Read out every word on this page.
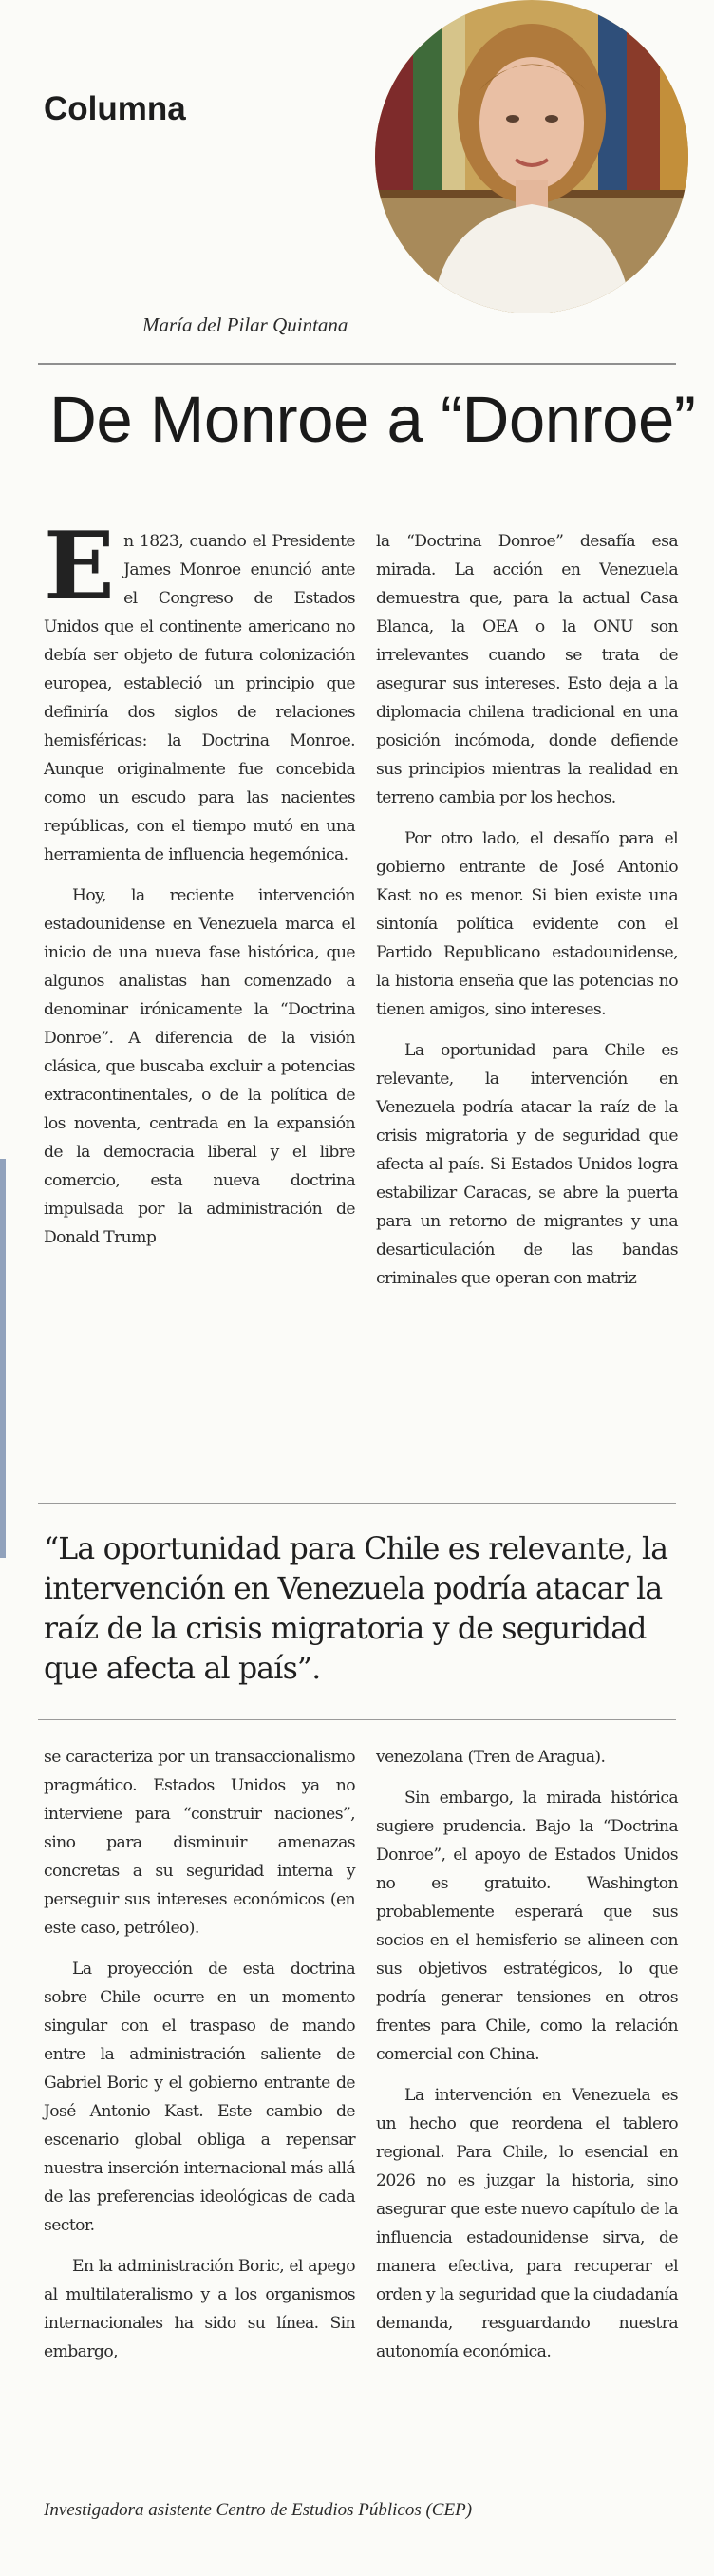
Columna
María del Pilar Quintana
De Monroe a “Donroe”

En 1823, cuando el Presidente James Monroe enunció ante el Congreso de Estados Unidos que el continente americano no debía ser objeto de futura colonización europea, estableció un principio que definiría dos siglos de relaciones hemisféricas: la Doctrina Monroe. Aunque originalmente fue concebida como un escudo para las nacientes repúblicas, con el tiempo mutó en una herramienta de influencia hegemónica.

Hoy, la reciente intervención estadounidense en Venezuela marca el inicio de una nueva fase histórica, que algunos analistas han comenzado a denominar irónicamente la “Doctrina Donroe”. A diferencia de la visión clásica, que buscaba excluir a potencias extracontinentales, o de la política de los noventa, centrada en la expansión de la democracia liberal y el libre comercio, esta nueva doctrina impulsada por la administración de Donald Trump

la “Doctrina Donroe” desafía esa mirada. La acción en Venezuela demuestra que, para la actual Casa Blanca, la OEA o la ONU son irrelevantes cuando se trata de asegurar sus intereses. Esto deja a la diplomacia chilena tradicional en una posición incómoda, donde defiende sus principios mientras la realidad en terreno cambia por los hechos.

Por otro lado, el desafío para el gobierno entrante de José Antonio Kast no es menor. Si bien existe una sintonía política evidente con el Partido Republicano estadounidense, la historia enseña que las potencias no tienen amigos, sino intereses.

La oportunidad para Chile es relevante, la intervención en Venezuela podría atacar la raíz de la crisis migratoria y de seguridad que afecta al país. Si Estados Unidos logra estabilizar Caracas, se abre la puerta para un retorno de migrantes y una desarticulación de las bandas criminales que operan con matriz

“La oportunidad para Chile es relevante, la intervención en Venezuela podría atacar la raíz de la crisis migratoria y de seguridad que afecta al país”.

se caracteriza por un transaccionalismo pragmático. Estados Unidos ya no interviene para “construir naciones”, sino para disminuir amenazas concretas a su seguridad interna y perseguir sus intereses económicos (en este caso, petróleo).

La proyección de esta doctrina sobre Chile ocurre en un momento singular con el traspaso de mando entre la administración saliente de Gabriel Boric y el gobierno entrante de José Antonio Kast. Este cambio de escenario global obliga a repensar nuestra inserción internacional más allá de las preferencias ideológicas de cada sector.

En la administración Boric, el apego al multilateralismo y a los organismos internacionales ha sido su línea. Sin embargo,

venezolana (Tren de Aragua).

Sin embargo, la mirada histórica sugiere prudencia. Bajo la “Doctrina Donroe”, el apoyo de Estados Unidos no es gratuito. Washington probablemente esperará que sus socios en el hemisferio se alineen con sus objetivos estratégicos, lo que podría generar tensiones en otros frentes para Chile, como la relación comercial con China.

La intervención en Venezuela es un hecho que reordena el tablero regional. Para Chile, lo esencial en 2026 no es juzgar la historia, sino asegurar que este nuevo capítulo de la influencia estadounidense sirva, de manera efectiva, para recuperar el orden y la seguridad que la ciudadanía demanda, resguardando nuestra autonomía económica.

Investigadora asistente Centro de Estudios Públicos (CEP)
